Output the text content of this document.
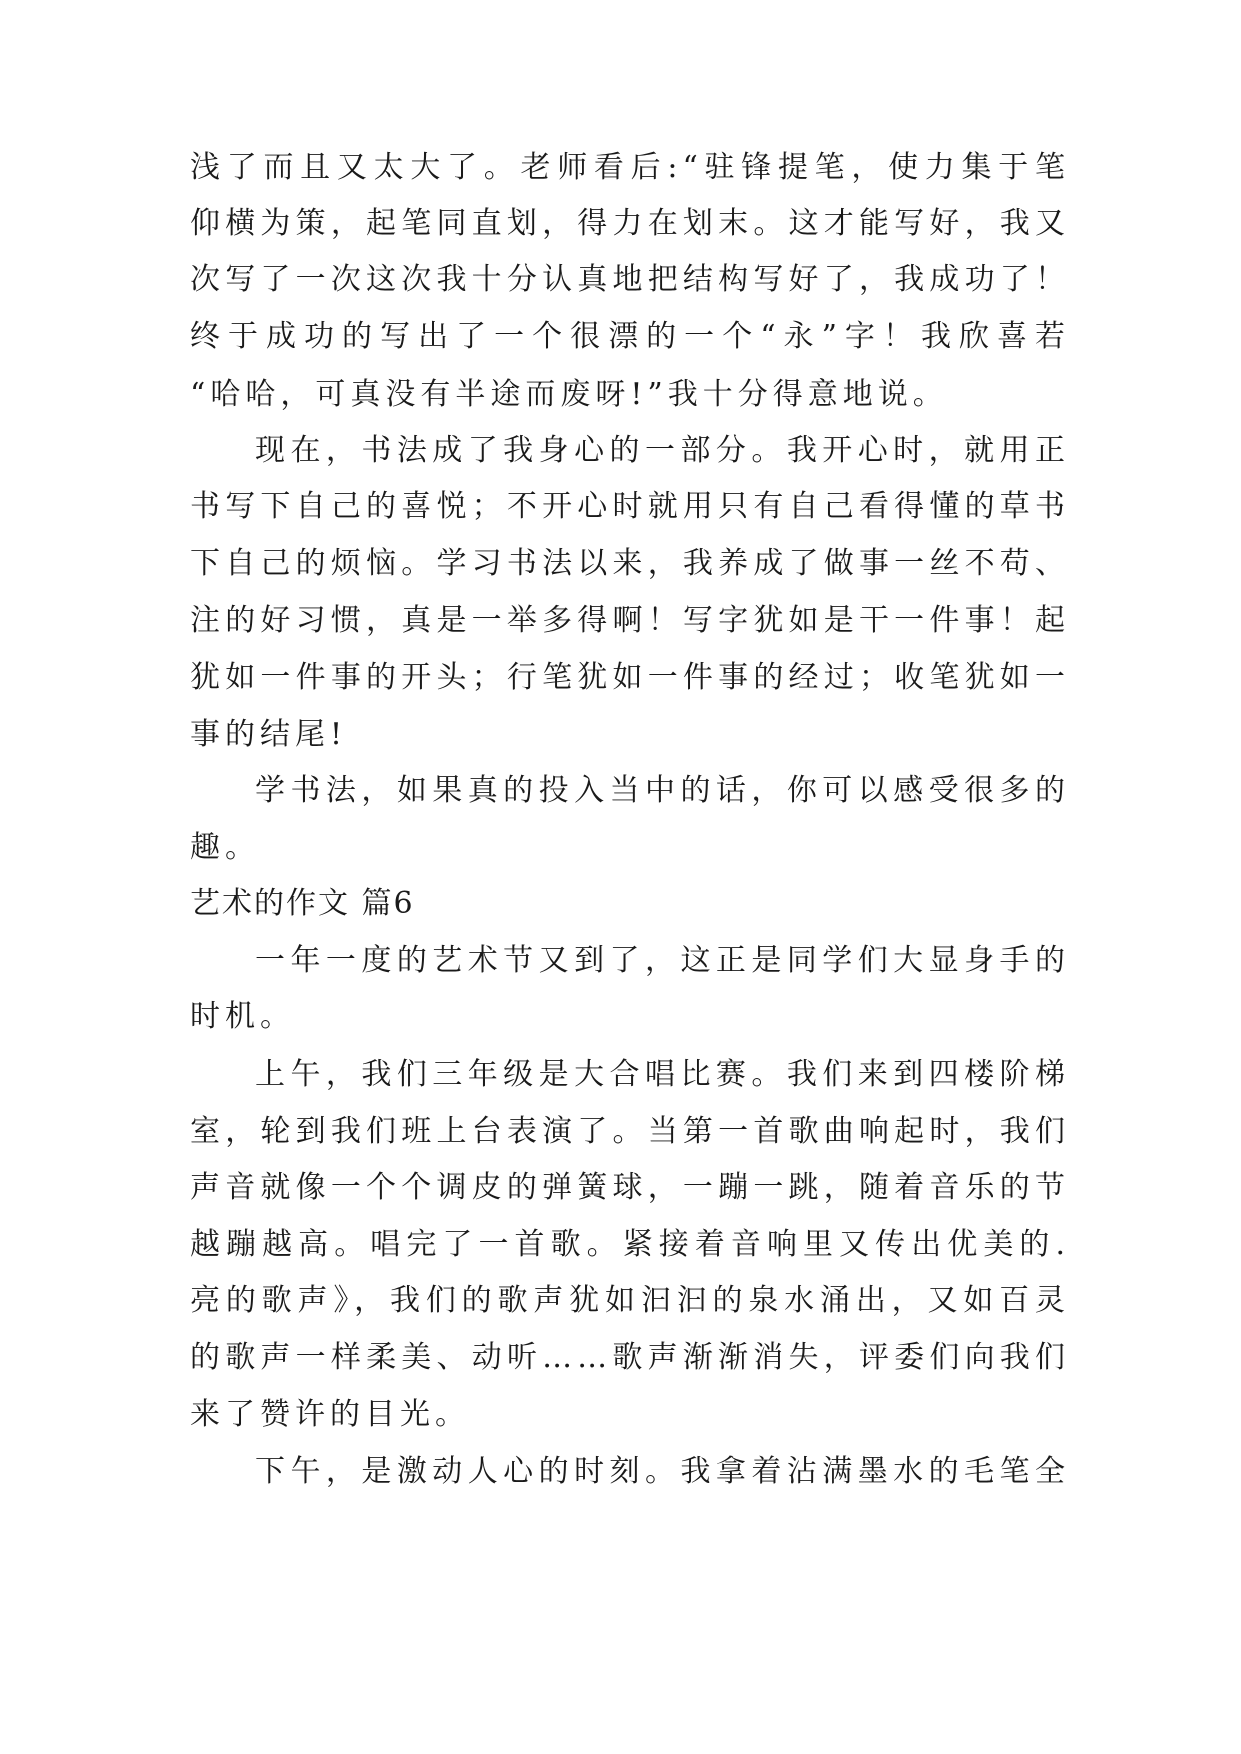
浅了而且又太大了。老师看后:“驻锋提笔，使力集于笔
仰横为策，起笔同直划，得力在划末。这才能写好，我又
次写了一次这次我十分认真地把结构写好了，我成功了！
终于成功的写出了一个很漂的一个“永”字！我欣喜若
“哈哈，可真没有半途而废呀!”我十分得意地说。
现在，书法成了我身心的一部分。我开心时，就用正
书写下自己的喜悦；不开心时就用只有自己看得懂的草书
下自己的烦恼。学习书法以来，我养成了做事一丝不苟、
注的好习惯，真是一举多得啊！写字犹如是干一件事！起
犹如一件事的开头；行笔犹如一件事的经过；收笔犹如一
事的结尾!
学书法，如果真的投入当中的话，你可以感受很多的
趣。
艺术的作文 篇6
一年一度的艺术节又到了，这正是同学们大显身手的
时机。
上午，我们三年级是大合唱比赛。我们来到四楼阶梯
室，轮到我们班上台表演了。当第一首歌曲响起时，我们
声音就像一个个调皮的弹簧球，一蹦一跳，随着音乐的节
越蹦越高。唱完了一首歌。紧接着音响里又传出优美的.
亮的歌声》，我们的歌声犹如汩汩的泉水涌出，又如百灵
的歌声一样柔美、动听……歌声渐渐消失，评委们向我们
来了赞许的目光。
下午，是激动人心的时刻。我拿着沾满墨水的毛笔全
